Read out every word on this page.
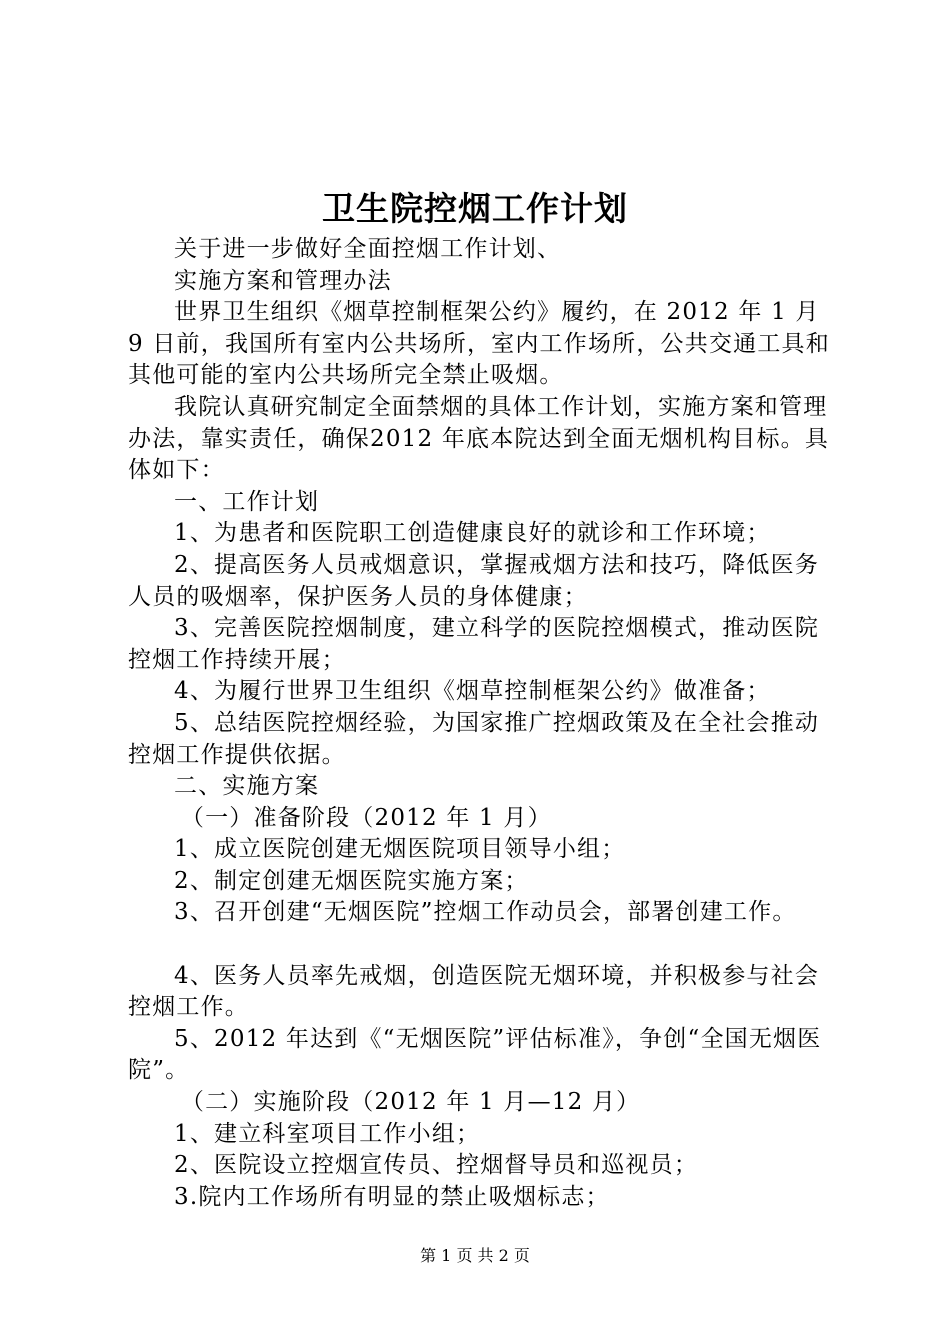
卫生院控烟工作计划

关于进一步做好全面控烟工作计划、

实施方案和管理办法

世界卫生组织《烟草控制框架公约》履约，在 2012 年 1 月 9 日前，我国所有室内公共场所，室内工作场所，公共交通工具和其他可能的室内公共场所完全禁止吸烟。

我院认真研究制定全面禁烟的具体工作计划，实施方案和管理办法，靠实责任，确保2012 年底本院达到全面无烟机构目标。具体如下：

一、工作计划

1、为患者和医院职工创造健康良好的就诊和工作环境；

2、提高医务人员戒烟意识，掌握戒烟方法和技巧，降低医务人员的吸烟率，保护医务人员的身体健康；

3、完善医院控烟制度，建立科学的医院控烟模式，推动医院控烟工作持续开展；

4、为履行世界卫生组织《烟草控制框架公约》做准备；

5、总结医院控烟经验，为国家推广控烟政策及在全社会推动控烟工作提供依据。

二、实施方案

（一）准备阶段（2012 年 1 月）

1、成立医院创建无烟医院项目领导小组；

2、制定创建无烟医院实施方案；

3、召开创建“无烟医院”控烟工作动员会，部署创建工作。

4、医务人员率先戒烟，创造医院无烟环境，并积极参与社会控烟工作。

5、2012 年达到《“无烟医院”评估标准》，争创“全国无烟医院”。

（二）实施阶段（2012 年 1 月—12 月）

1、建立科室项目工作小组；

2、医院设立控烟宣传员、控烟督导员和巡视员；

3.院内工作场所有明显的禁止吸烟标志；

第 1 页 共 2 页
